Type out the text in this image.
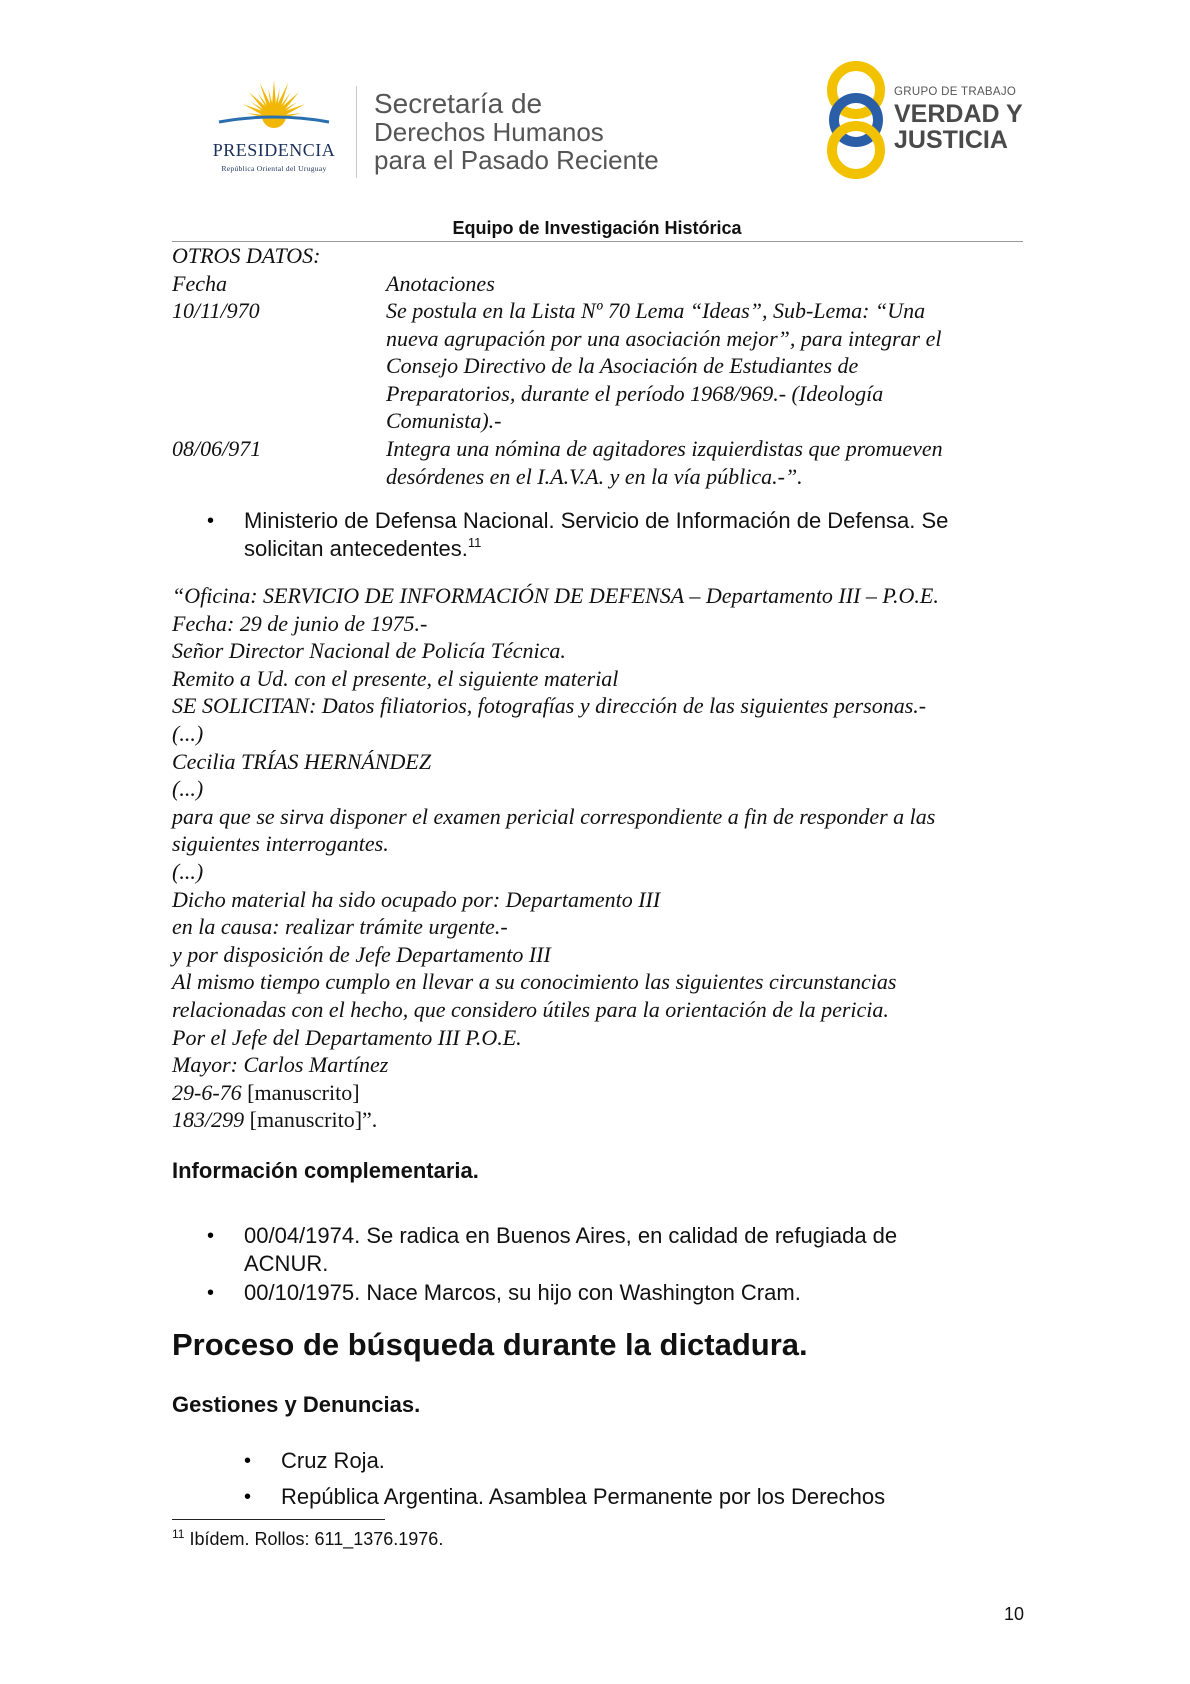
PRESIDENCIA
República Oriental del Uruguay
Secretaría de
Derechos Humanos
para el Pasado Reciente
GRUPO DE TRABAJO
VERDAD Y
JUSTICIA
Equipo de Investigación Histórica
OTROS DATOS:
Fecha	Anotaciones
10/11/970	Se postula en la Lista Nº 70 Lema “Ideas”, Sub-Lema: “Una
nueva agrupación por una asociación mejor”, para integrar el
Consejo Directivo de la Asociación de Estudiantes de
Preparatorios, durante el período 1968/969.- (Ideología
Comunista).-
08/06/971	Integra una nómina de agitadores izquierdistas que promueven
desórdenes en el I.A.V.A. y en la vía pública.-”.
• Ministerio de Defensa Nacional. Servicio de Información de Defensa. Se
solicitan antecedentes.$^{11}$
“Oficina: SERVICIO DE INFORMACIÓN DE DEFENSA – Departamento III – P.O.E.
Fecha: 29 de junio de 1975.-
Señor Director Nacional de Policía Técnica.
Remito a Ud. con el presente, el siguiente material
SE SOLICITAN: Datos filiatorios, fotografías y dirección de las siguientes personas.-
(...)
Cecilia TRÍAS HERNÁNDEZ
(...)
para que se sirva disponer el examen pericial correspondiente a fin de responder a las
siguientes interrogantes.
(...)
Dicho material ha sido ocupado por: Departamento III
en la causa: realizar trámite urgente.-
y por disposición de Jefe Departamento III
Al mismo tiempo cumplo en llevar a su conocimiento las siguientes circunstancias
relacionadas con el hecho, que considero útiles para la orientación de la pericia.
Por el Jefe del Departamento III P.O.E.
Mayor: Carlos Martínez
29-6-76 [manuscrito]
183/299 [manuscrito]”.
Información complementaria.
• 00/04/1974. Se radica en Buenos Aires, en calidad de refugiada de
ACNUR.
• 00/10/1975. Nace Marcos, su hijo con Washington Cram.
Proceso de búsqueda durante la dictadura.
Gestiones y Denuncias.
• Cruz Roja.
• República Argentina. Asamblea Permanente por los Derechos
$^{11}$ Ibídem. Rollos: 611_1376.1976.
10
